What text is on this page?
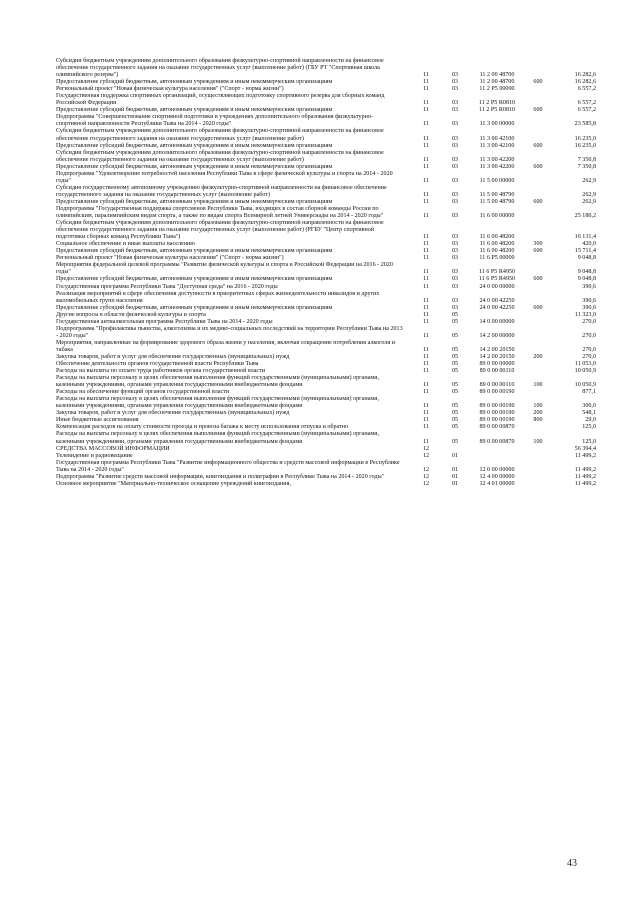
Субсидии бюджетным учреждениям дополнительного образования физкультурно-спортивной направленности на финансовое обеспечение государственного задания на оказание государственных услуг (выполнение работ) (ГБУ РТ "Спортивная школа олимпийского резерва")	11	03	11 2 00 48700	16 282,6
Предоставление субсидий бюджетным, автономным учреждениям и иным некоммерческим организациям	11	03	11 2 00 48700	600	16 282,6
Региональный проект "Новая физическая культура населения" ("Спорт - норма жизни")	11	03	11 2 P5 00000	6 557,2
Государственная поддержка спортивных организаций, осуществляющих подготовку спортивного резерва для сборных команд Российской Федерации	11	03	11 2 P5 R0810	6 557,2
Предоставление субсидий бюджетным, автономным учреждениям и иным некоммерческим организациям	11	03	11 2 P5 R0810	600	6 557,2
Подпрограмма "Совершенствование спортивной подготовки в учреждениях дополнительного образования физкультурно-спортивной направленности Республики Тыва на 2014 - 2020 годы"	11	03	11 3 00 00000	23 585,8
Субсидии бюджетным учреждениям дополнительного образования физкультурно-спортивной направленности на финансовое обеспечение государственного задания на оказание государственных услуг (выполнение работ)	11	03	11 3 00 42100	16 235,0
Предоставление субсидий бюджетным, автономным учреждениям и иным некоммерческим организациям	11	03	11 3 00 42100	600	16 235,0
Субсидии бюджетным учреждениям дополнительного образования физкультурно-спортивной направленности на финансовое обеспечение государственного задания на оказание государственных услуг (выполнение работ)	11	03	11 3 00 42200	7 350,8
Предоставление субсидий бюджетным, автономным учреждениям и иным некоммерческим организациям	11	03	11 3 00 42200	600	7 350,8
Подпрограмма "Удовлетворение потребностей населения Республики Тыва в сфере физической культуры и спорта на 2014 - 2020 годы"	11	03	11 5 00 00000	262,9
Субсидия государственному автономному учреждению физкультурно-спортивной направленности на финансовое обеспечение государственного задания на оказание государственных услуг (выполнение работ)	11	03	11 5 00 48790	262,9
Предоставление субсидий бюджетным, автономным учреждениям и иным некоммерческим организациям	11	03	11 5 00 48790	600	262,9
Подпрограмма "Государственная поддержка спортсменов Республики Тыва, входящих в состав сборной команды России по олимпийским, паралимпийским видам спорта, а также по видам спорта Всемирной летней Универсиады на 2014 - 2020 годы"	11	03	11 6 00 00000	25 180,2
Субсидии бюджетным учреждениям дополнительного образования физкультурно-спортивной направленности на финансовое обеспечение государственного задания на оказание государственных услуг (выполнение работ) (РГБУ "Центр спортивной подготовки сборных команд Республики Тыва")	11	03	11 6 00 48200	16 131,4
Социальное обеспечение и иные выплаты населению	11	03	11 6 00 48200	300	420,0
Предоставление субсидий бюджетным, автономным учреждениям и иным некоммерческим организациям	11	03	11 6 00 48200	600	15 711,4
Региональный проект "Новая физическая культура населения" ("Спорт - норма жизни")	11	03	11 6 P5 00000	9 048,8
Мероприятия федеральной целевой программы "Развитие физической культуры и спорта в Российской Федерации на 2016 - 2020 годы"	11	03	11 6 P5 R4950	9 048,8
Предоставление субсидий бюджетным, автономным учреждениям и иным некоммерческим организациям	11	03	11 6 P5 R4950	600	9 048,8
Государственная программа Республики Тыва "Доступная среда" на 2016 - 2020 годы	11	03	24 0 00 00000	390,6
Реализация мероприятий в сфере обеспечения доступности в приоритетных сферах жизнедеятельности инвалидов и других маломобильных групп населения	11	03	24 0 00 42250	390,6
Предоставление субсидий бюджетным, автономным учреждениям и иным некоммерческим организациям	11	03	24 0 00 42250	600	390,6
Другие вопросы в области физической культуры и спорта	11	05	11 323,0
Государственная антиалкогольная программа Республики Тыва на 2014 - 2020 годы	11	05	14 0 00 00000	270,0
Подпрограмма "Профилактика пьянства, алкоголизма и их медико-социальных последствий на территории Республики Тыва на 2013 - 2020 годы"	11	05	14 2 00 00000	270,0
Мероприятия, направленные на формирование здорового образа жизни у населения, включая сокращение потребления алкоголя и табака	11	05	14 2 00 20150	270,0
Закупка товаров, работ и услуг для обеспечения государственных (муниципальных) нужд	11	05	14 2 00 20150	200	270,0
Обеспечение деятельности органов государственной власти Республики Тыва	11	05	89 0 00 00000	11 053,0
Расходы на выплаты по оплате труда работников органа государственной власти	11	05	89 0 00 00110	10 050,9
Расходы на выплаты персоналу в целях обеспечения выполнения функций государственными (муниципальными) органами, казенными учреждениями, органами управления государственными внебюджетными фондами	11	05	89 0 00 00110	100	10 050,9
Расходы на обеспечение функций органов государственной власти	11	05	89 0 00 00190	877,1
Расходы на выплаты персоналу в целях обеспечения выполнения функций государственными (муниципальными) органами, казенными учреждениями, органами управления государственными внебюджетными фондами	11	05	89 0 00 00190	100	300,0
Закупка товаров, работ и услуг для обеспечения государственных (муниципальных) нужд	11	05	89 0 00 00190	200	548,1
Иные бюджетные ассигнования	11	05	89 0 00 00190	800	29,0
Компенсация расходов на оплату стоимости проезда и провоза багажа к месту использования отпуска и обратно	11	05	89 0 00 00870	125,0
Расходы на выплаты персоналу в целях обеспечения выполнения функций государственными (муниципальными) органами, казенными учреждениями, органами управления государственными внебюджетными фондами	11	05	89 0 00 00870	100	125,0
СРЕДСТВА МАССОВОЙ ИНФОРМАЦИИ	12	56 394,4
Телевидение и радиовещание	12	01	11 499,2
Государственная программа Республики Тыва "Развитие информационного общества и средств массовой информации в Республике Тыва на 2014 - 2020 годы"	12	01	12 0 00 00000	11 499,2
Подпрограмма "Развитие средств массовой информации, книгоиздания и полиграфии в Республике Тыва на 2014 - 2020 годы"	12	01	12 4 00 00000	11 499,2
Основное мероприятие "Материально-техническое оснащение учреждений книгоиздания,	12	01	12 4 01 00000	11 499,2
43
